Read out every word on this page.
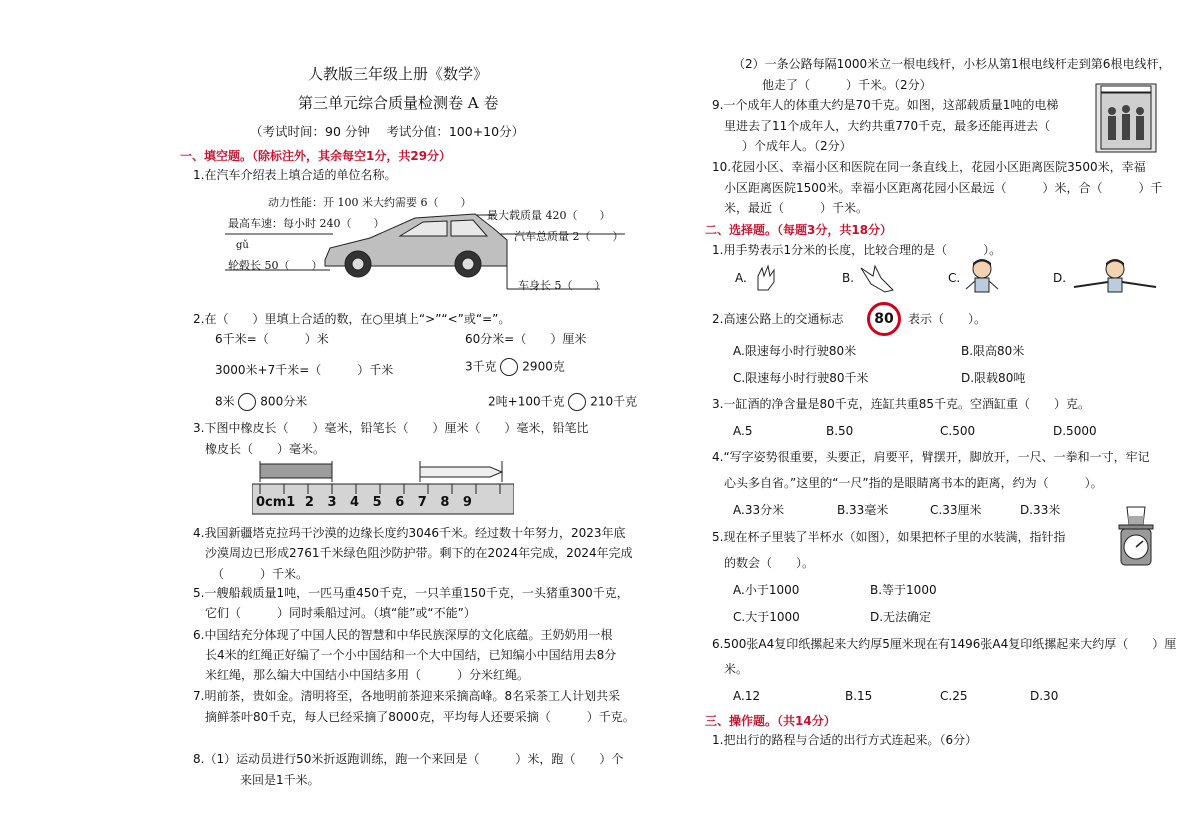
人教版三年级上册《数学》
第三单元综合质量检测卷 A 卷
（考试时间：90 分钟　 考试分值：100+10分）
一、填空题。（除标注外，其余每空1分，共29分）
1.在汽车介绍表上填合适的单位名称。
动力性能：开 100 米大约需要 6（　　）
最高车速：每小时 240（　　）
最大载质量 420（　　）
汽车总质量 2（　　）
gǔ
轮毂长 50（　　）
车身长 5（　　）
2.在（　　）里填上合适的数，在○里填上“>”“<”或“=”。
6千米=（　　　）米	60分米=（　　）厘米
3000米+7千米=（　　　）千米	3千克 2900克
8米 800分米	2吨+100千克 210千克
3.下图中橡皮长（　　）毫米，铅笔长（　　）厘米（　　）毫米，铅笔比
橡皮长（　　）毫米。
0cm1 2 3 4 5 6 7 8 9
4.我国新疆塔克拉玛干沙漠的边缘长度约3046千米。经过数十年努力，2023年底
沙漠周边已形成2761千米绿色阻沙防护带。剩下的在2024年完成，2024年完成
（　　　）千米。
5.一艘船载质量1吨，一匹马重450千克，一只羊重150千克，一头猪重300千克，
它们（　　　）同时乘船过河。（填“能”或“不能”）
6.中国结充分体现了中国人民的智慧和中华民族深厚的文化底蕴。王奶奶用一根
长4米的红绳正好编了一个小中国结和一个大中国结，已知编小中国结用去8分
米红绳，那么编大中国结小中国结多用（　　　）分米红绳。
7.明前茶，贵如金。清明将至，各地明前茶迎来采摘高峰。8名采茶工人计划共采
摘鲜茶叶80千克，每人已经采摘了8000克，平均每人还要采摘（　　　）千克。
8.（1）运动员进行50米折返跑训练，跑一个来回是（　　　）米，跑（　　）个
来回是1千米。
（2）一条公路每隔1000米立一根电线杆，小杉从第1根电线杆走到第6根电线杆，
他走了（　　　）千米。（2分）
9.一个成年人的体重大约是70千克。如图，这部载质量1吨的电梯
里进去了11个成年人，大约共重770千克，最多还能再进去（
）个成年人。（2分）
10.花园小区、幸福小区和医院在同一条直线上，花园小区距离医院3500米，幸福
小区距离医院1500米。幸福小区距离花园小区最远（　　　）米，合（　　　）千
米，最近（　　　）千米。
二、选择题。（每题3分，共18分）
1.用手势表示1分米的长度，比较合理的是（　　　）。
A.	B.	C.	D.
2.高速公路上的交通标志	80	表示（　　）。
A.限速每小时行驶80米	B.限高80米
C.限速每小时行驶80千米	D.限载80吨
3.一缸酒的净含量是80千克，连缸共重85千克。空酒缸重（　　）克。
A.5	B.50	C.500	D.5000
4.“写字姿势很重要，头要正，肩要平，臂摆开，脚放开，一尺、一拳和一寸，牢记
心头多自省。”这里的“一尺”指的是眼睛离书本的距离，约为（　　　）。
A.33分米	B.33毫米	C.33厘米	D.33米
5.现在杯子里装了半杯水（如图），如果把杯子里的水装满，指针指
的数会（　　）。
A.小于1000	B.等于1000
C.大于1000	D.无法确定
6.500张A4复印纸摞起来大约厚5厘米现在有1496张A4复印纸摞起来大约厚（　　）厘
米。
A.12	B.15	C.25	D.30
三、操作题。（共14分）
1.把出行的路程与合适的出行方式连起来。（6分）
